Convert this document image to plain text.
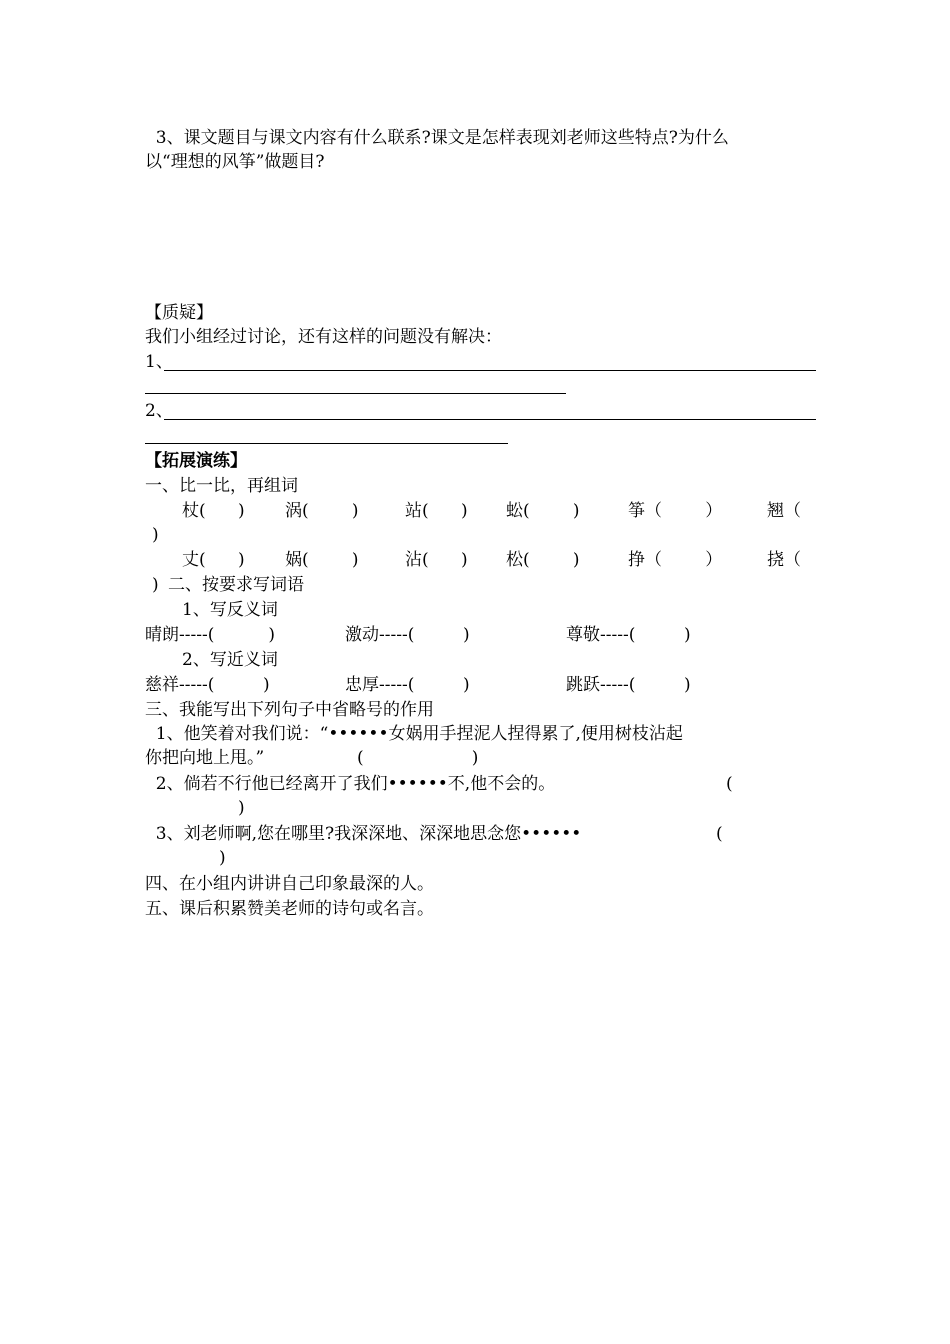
3、课文题目与课文内容有什么联系?课文是怎样表现刘老师这些特点?为什么
以“理想的风筝”做题目?
【质疑】
我们小组经过讨论，还有这样的问题没有解决：
1、
2、
【拓展演练】
一、比一比，再组词
杖(      ) 涡(        )	站(      ) 蚣(        )	筝（        ）	翘（
)
丈(      ) 娲(        )	沾(      ) 松(        )	挣（        ）	挠（
) 二、按要求写词语
1、写反义词
晴朗-----(          )	激动-----(         )	尊敬-----(         )
2、写近义词
慈祥-----(         )	忠厚-----(         )	跳跃-----(         )
三、我能写出下列句子中省略号的作用
1、他笑着对我们说：“••••••女娲用手捏泥人捏得累了,便用树枝沾起
你把向地上甩。”	(                    )
2、倘若不行他已经离开了我们••••••不,他不会的。	(
)
3、刘老师啊,您在哪里?我深深地、深深地思念您••••••	(
)
四、在小组内讲讲自己印象最深的人。
五、课后积累赞美老师的诗句或名言。
